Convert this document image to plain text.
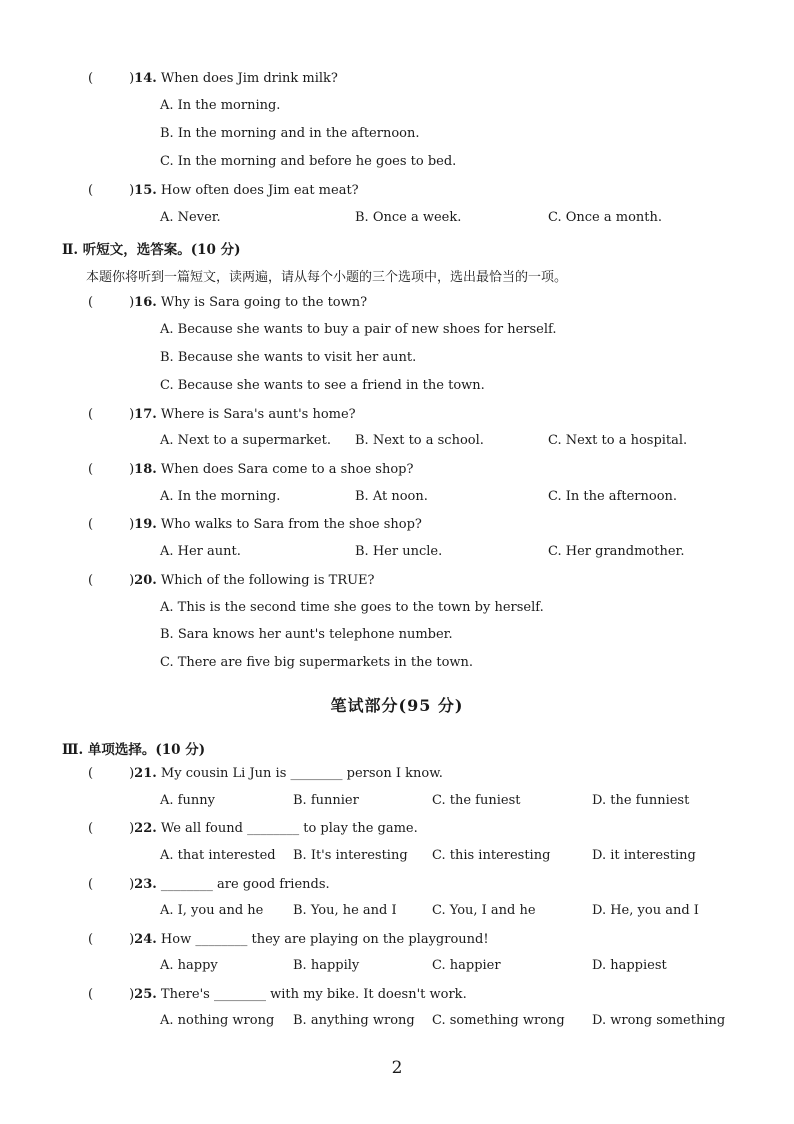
(	)14. When does Jim drink milk?
A. In the morning.
B. In the morning and in the afternoon.
C. In the morning and before he goes to bed.
(	)15. How often does Jim eat meat?
A. Never.	B. Once a week.	C. Once a month.
Ⅱ. 听短文，选答案。(10 分)
本题你将听到一篇短文，读两遍，请从每个小题的三个选项中，选出最恰当的一项。
(	)16. Why is Sara going to the town?
A. Because she wants to buy a pair of new shoes for herself.
B. Because she wants to visit her aunt.
C. Because she wants to see a friend in the town.
(	)17. Where is Sara's aunt's home?
A. Next to a supermarket. B. Next to a school.	C. Next to a hospital.
(	)18. When does Sara come to a shoe shop?
A. In the morning.	B. At noon.	C. In the afternoon.
(	)19. Who walks to Sara from the shoe shop?
A. Her aunt.	B. Her uncle.	C. Her grandmother.
(	)20. Which of the following is TRUE?
A. This is the second time she goes to the town by herself.
B. Sara knows her aunt's telephone number.
C. There are five big supermarkets in the town.
笔试部分(95 分)
Ⅲ. 单项选择。(10 分)
(	)21. My cousin Li Jun is ________ person I know.
A. funny	B. funnier	C. the funiest	D. the funniest
(	)22. We all found ________ to play the game.
A. that interested B. It's interesting C. this interesting	D. it interesting
(	)23. ________ are good friends.
A. I, you and he B. You, he and I	C. You, I and he	D. He, you and I
(	)24. How ________ they are playing on the playground!
A. happy	B. happily	C. happier	D. happiest
(	)25. There's ________ with my bike. It doesn't work.
A. nothing wrong B. anything wrong C. something wrong D. wrong something
2
